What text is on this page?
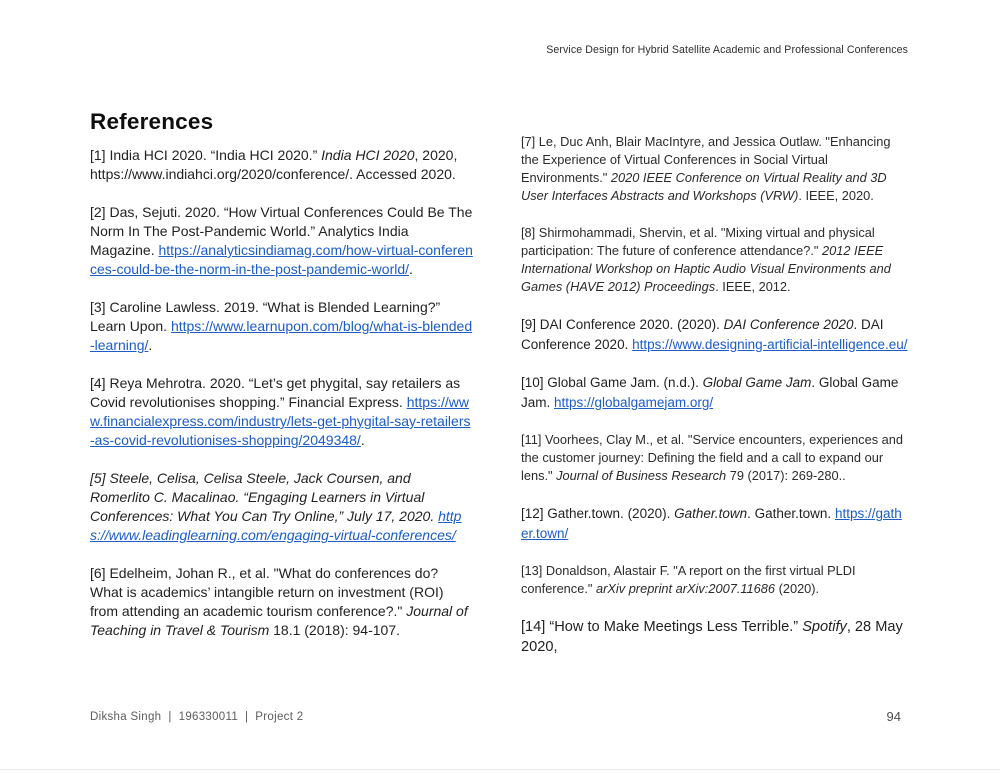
Service Design for Hybrid Satellite Academic and Professional Conferences
References

[1] India HCI 2020. “India HCI 2020.” India HCI 2020, 2020, https://www.indiahci.org/2020/conference/. Accessed 2020.

[2] Das, Sejuti. 2020. “How Virtual Conferences Could Be The Norm In The Post-Pandemic World.” Analytics India Magazine. https://analyticsindiamag.com/how-virtual-conferences-could-be-the-norm-in-the-post-pandemic-world/.

[3] Caroline Lawless. 2019. “What is Blended Learning?” Learn Upon. https://www.learnupon.com/blog/what-is-blended-learning/.

[4] Reya Mehrotra. 2020. “Let’s get phygital, say retailers as Covid revolutionises shopping.” Financial Express. https://www.financialexpress.com/industry/lets-get-phygital-say-retailers-as-covid-revolutionises-shopping/2049348/.

[5] Steele, Celisa, Celisa Steele, Jack Coursen, and Romerlito C. Macalinao. “Engaging Learners in Virtual Conferences: What You Can Try Online,” July 17, 2020. https://www.leadinglearning.com/engaging-virtual-conferences/

[6] Edelheim, Johan R., et al. "What do conferences do? What is academics’ intangible return on investment (ROI) from attending an academic tourism conference?." Journal of Teaching in Travel & Tourism 18.1 (2018): 94-107.

[7] Le, Duc Anh, Blair MacIntyre, and Jessica Outlaw. "Enhancing the Experience of Virtual Conferences in Social Virtual Environments." 2020 IEEE Conference on Virtual Reality and 3D User Interfaces Abstracts and Workshops (VRW). IEEE, 2020.

[8] Shirmohammadi, Shervin, et al. "Mixing virtual and physical participation: The future of conference attendance?." 2012 IEEE International Workshop on Haptic Audio Visual Environments and Games (HAVE 2012) Proceedings. IEEE, 2012.

[9] DAI Conference 2020. (2020). DAI Conference 2020. DAI Conference 2020. https://www.designing-artificial-intelligence.eu/

[10] Global Game Jam. (n.d.). Global Game Jam. Global Game Jam. https://globalgamejam.org/

[11] Voorhees, Clay M., et al. "Service encounters, experiences and the customer journey: Defining the field and a call to expand our lens." Journal of Business Research 79 (2017): 269-280..

[12] Gather.town. (2020). Gather.town. Gather.town. https://gather.town/

[13] Donaldson, Alastair F. "A report on the first virtual PLDI conference." arXiv preprint arXiv:2007.11686 (2020).

[14] “How to Make Meetings Less Terrible.” Spotify, 28 May 2020,

Diksha Singh  |  196330011  |  Project 2	94
